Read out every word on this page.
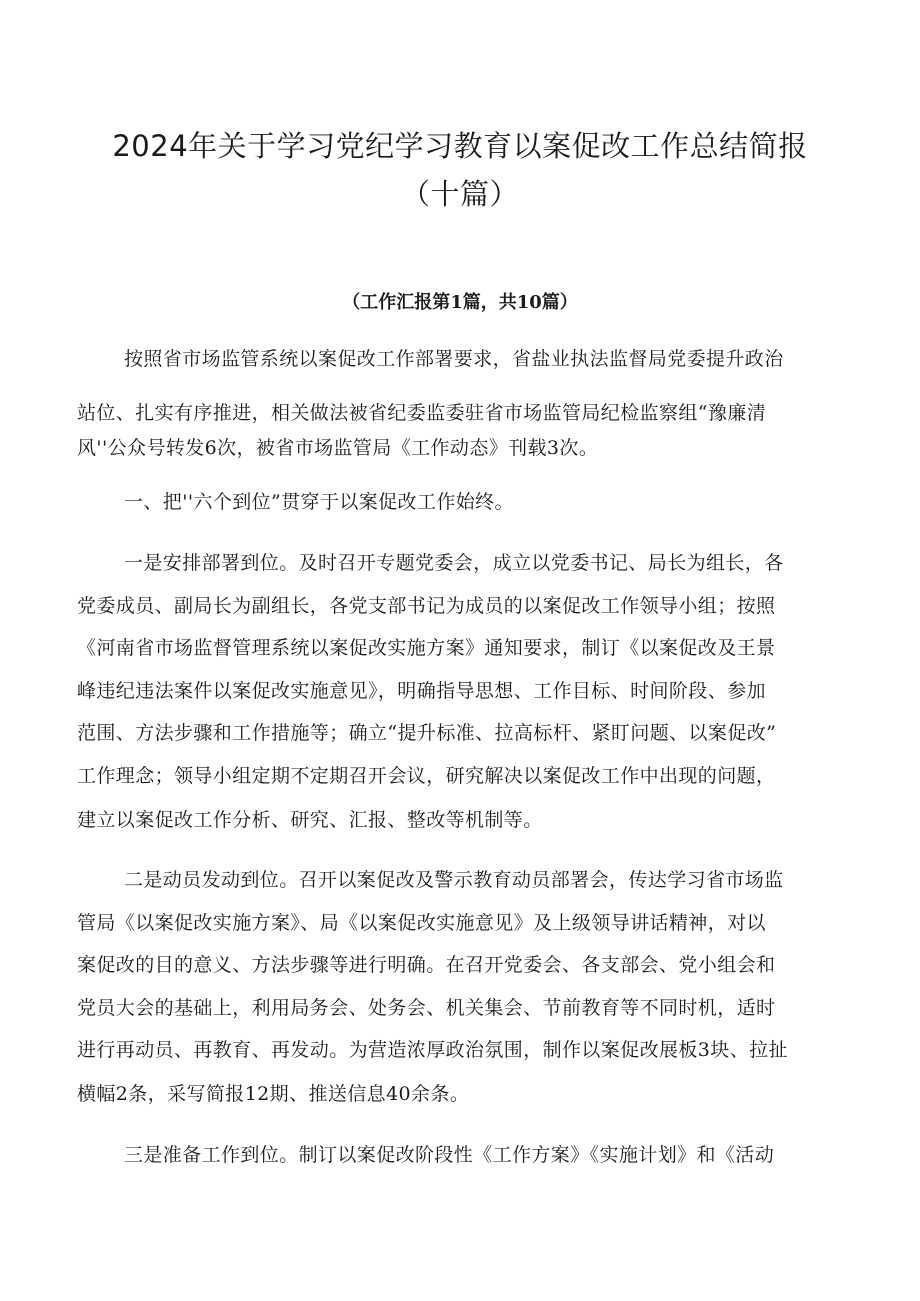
2024年关于学习党纪学习教育以案促改工作总结简报
（十篇）
（工作汇报第1篇，共10篇）
按照省市场监管系统以案促改工作部署要求，省盐业执法监督局党委提升政治
站位、扎实有序推进，相关做法被省纪委监委驻省市场监管局纪检监察组“豫廉清
风''公众号转发6次，被省市场监管局《工作动态》刊载3次。
一、把''六个到位”贯穿于以案促改工作始终。
一是安排部署到位。及时召开专题党委会，成立以党委书记、局长为组长，各
党委成员、副局长为副组长，各党支部书记为成员的以案促改工作领导小组；按照
《河南省市场监督管理系统以案促改实施方案》通知要求，制订《以案促改及王景
峰违纪违法案件以案促改实施意见》，明确指导思想、工作目标、时间阶段、参加
范围、方法步骤和工作措施等；确立“提升标准、拉高标杆、紧盯问题、以案促改”
工作理念；领导小组定期不定期召开会议，研究解决以案促改工作中出现的问题，
建立以案促改工作分析、研究、汇报、整改等机制等。
二是动员发动到位。召开以案促改及警示教育动员部署会，传达学习省市场监
管局《以案促改实施方案》、局《以案促改实施意见》及上级领导讲话精神，对以
案促改的目的意义、方法步骤等进行明确。在召开党委会、各支部会、党小组会和
党员大会的基础上，利用局务会、处务会、机关集会、节前教育等不同时机，适时
进行再动员、再教育、再发动。为营造浓厚政治氛围，制作以案促改展板3块、拉扯
横幅2条，采写简报12期、推送信息40余条。
三是准备工作到位。制订以案促改阶段性《工作方案》《实施计划》和《活动
